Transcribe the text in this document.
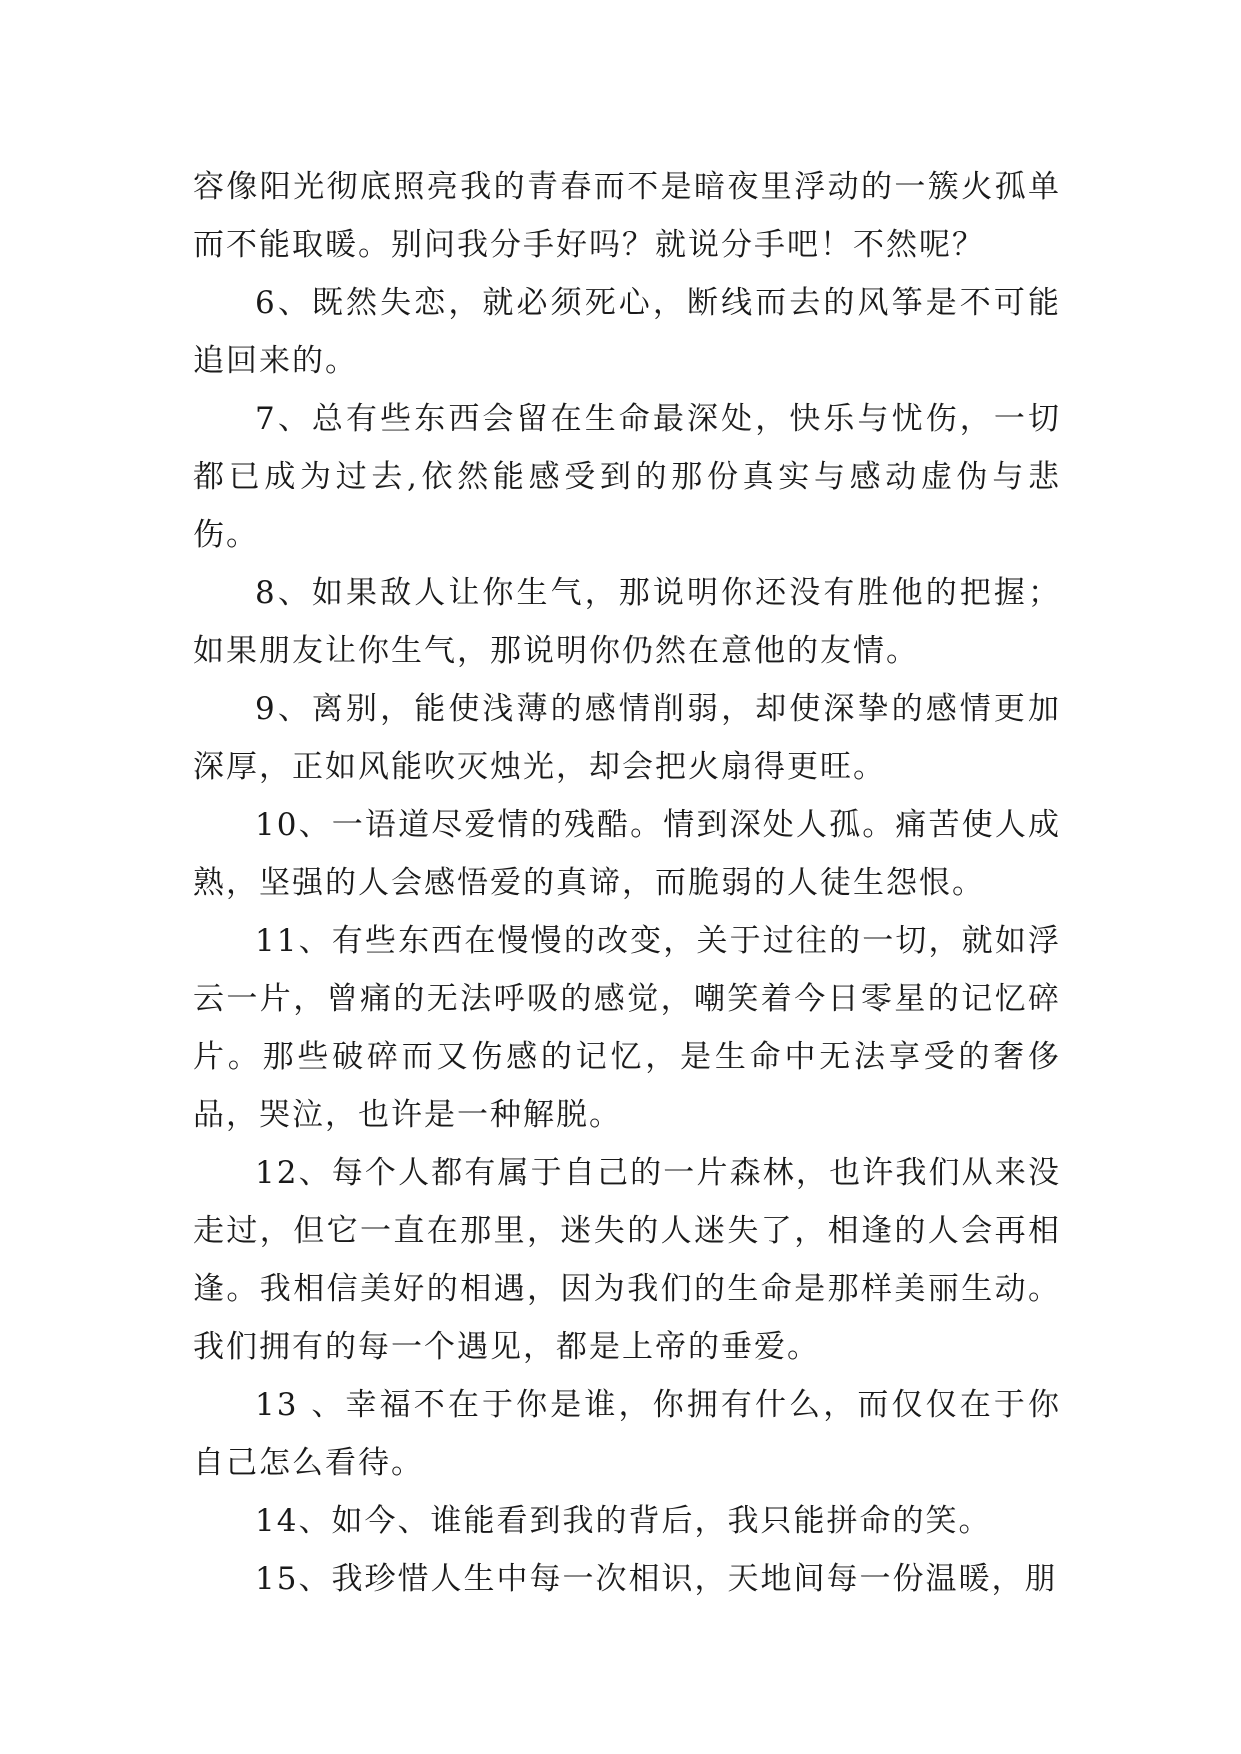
容像阳光彻底照亮我的青春而不是暗夜里浮动的一簇火孤单而不能取暖。别问我分手好吗？就说分手吧！不然呢？

6、既然失恋，就必须死心，断线而去的风筝是不可能追回来的。

7、总有些东西会留在生命最深处，快乐与忧伤，一切都已成为过去,依然能感受到的那份真实与感动虚伪与悲伤。

8、如果敌人让你生气，那说明你还没有胜他的把握；如果朋友让你生气，那说明你仍然在意他的友情。

9、离别，能使浅薄的感情削弱，却使深挚的感情更加深厚，正如风能吹灭烛光，却会把火扇得更旺。

10、一语道尽爱情的残酷。情到深处人孤。痛苦使人成熟，坚强的人会感悟爱的真谛，而脆弱的人徒生怨恨。

11、有些东西在慢慢的改变，关于过往的一切，就如浮云一片，曾痛的无法呼吸的感觉，嘲笑着今日零星的记忆碎片。那些破碎而又伤感的记忆，是生命中无法享受的奢侈品，哭泣，也许是一种解脱。

12、每个人都有属于自己的一片森林，也许我们从来没走过，但它一直在那里，迷失的人迷失了，相逢的人会再相逢。我相信美好的相遇，因为我们的生命是那样美丽生动。我们拥有的每一个遇见，都是上帝的垂爱。

13 、幸福不在于你是谁，你拥有什么，而仅仅在于你自己怎么看待。

14、如今、谁能看到我的背后，我只能拼命的笑。

15、我珍惜人生中每一次相识，天地间每一份温暖，朋
